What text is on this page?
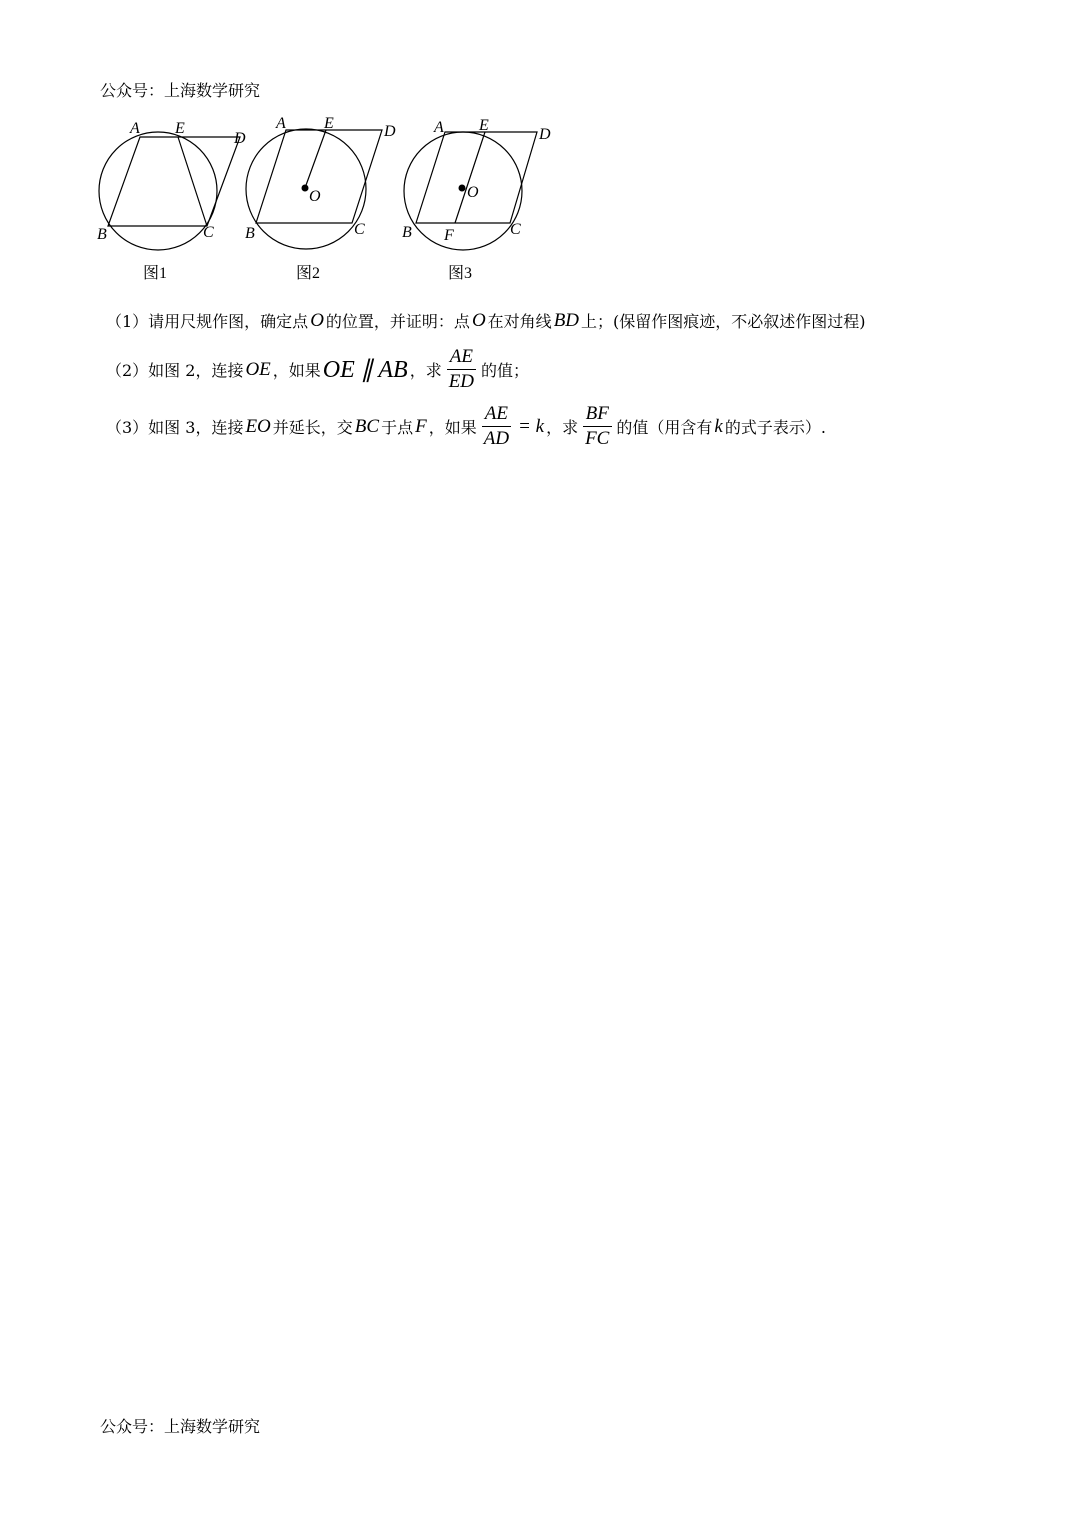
公众号：上海数学研究
A E
D
B	C
图1
A E	D
O
B	C
图2
A E
D
O
B F	C
图3
（1）请用尺规作图，确定点 O 的位置，并证明：点 O 在对角线 BD 上；(保留作图痕迹，不必叙述作图过程)
（2）如图 2，连接 OE ，如果 OE ∥ AB ，求 $\frac{AE}{ED}$ 的值；
（3）如图 3，连接 EO 并延长，交 BC 于点 F ，如果 $\frac{AE}{AD} = k$ ，求 $\frac{BF}{FC}$ 的值（用含有 k 的式子表示）.
公众号：上海数学研究
